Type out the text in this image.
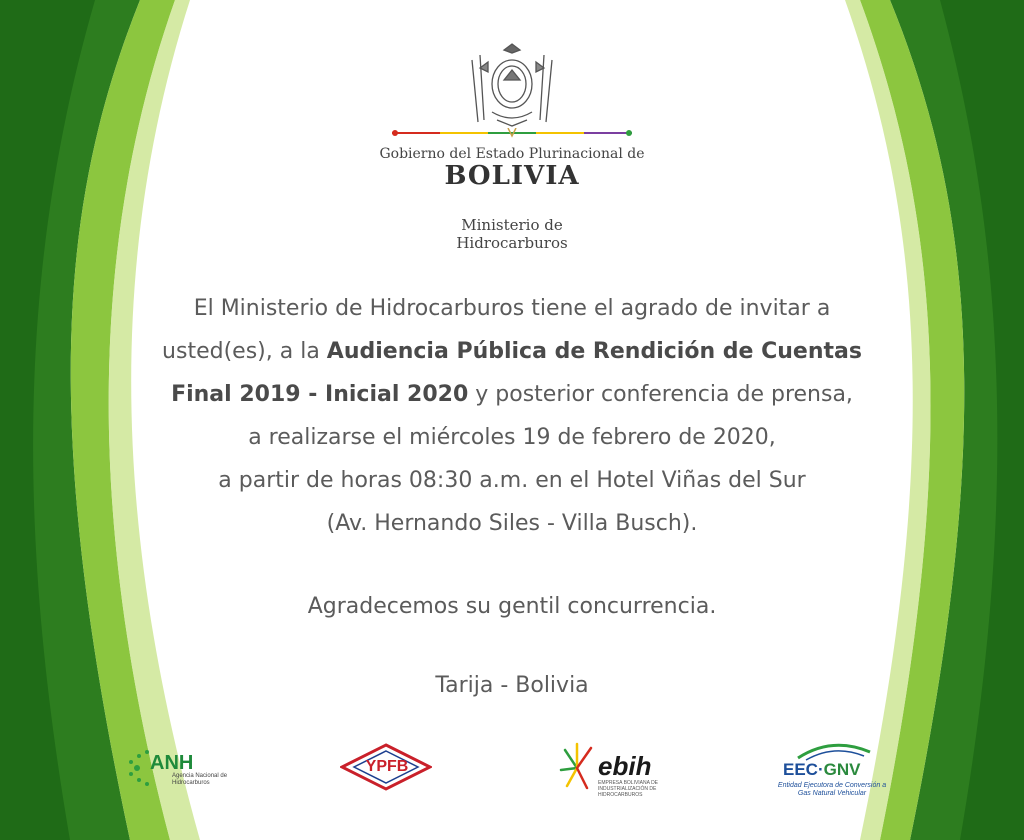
Gobierno del Estado Plurinacional de
BOLIVIA
Ministerio de
Hidrocarburos
El Ministerio de Hidrocarburos tiene el agrado de invitar a usted(es), a la Audiencia Pública de Rendición de Cuentas Final 2019 - Inicial 2020 y posterior conferencia de prensa,
a realizarse el miércoles 19 de febrero de 2020,
a partir de horas 08:30 a.m. en el Hotel Viñas del Sur
(Av. Hernando Siles - Villa Busch).
Agradecemos su gentil concurrencia.
Tarija - Bolivia
ANH
Agencia Nacional de Hidrocarburos
YPFB	ebih
EMPRESA BOLIVIANA DE INDUSTRIALIZACIÓN DE HIDROCARBUROS
EEC·GNV
Entidad Ejecutora de Conversión a Gas Natural Vehicular
